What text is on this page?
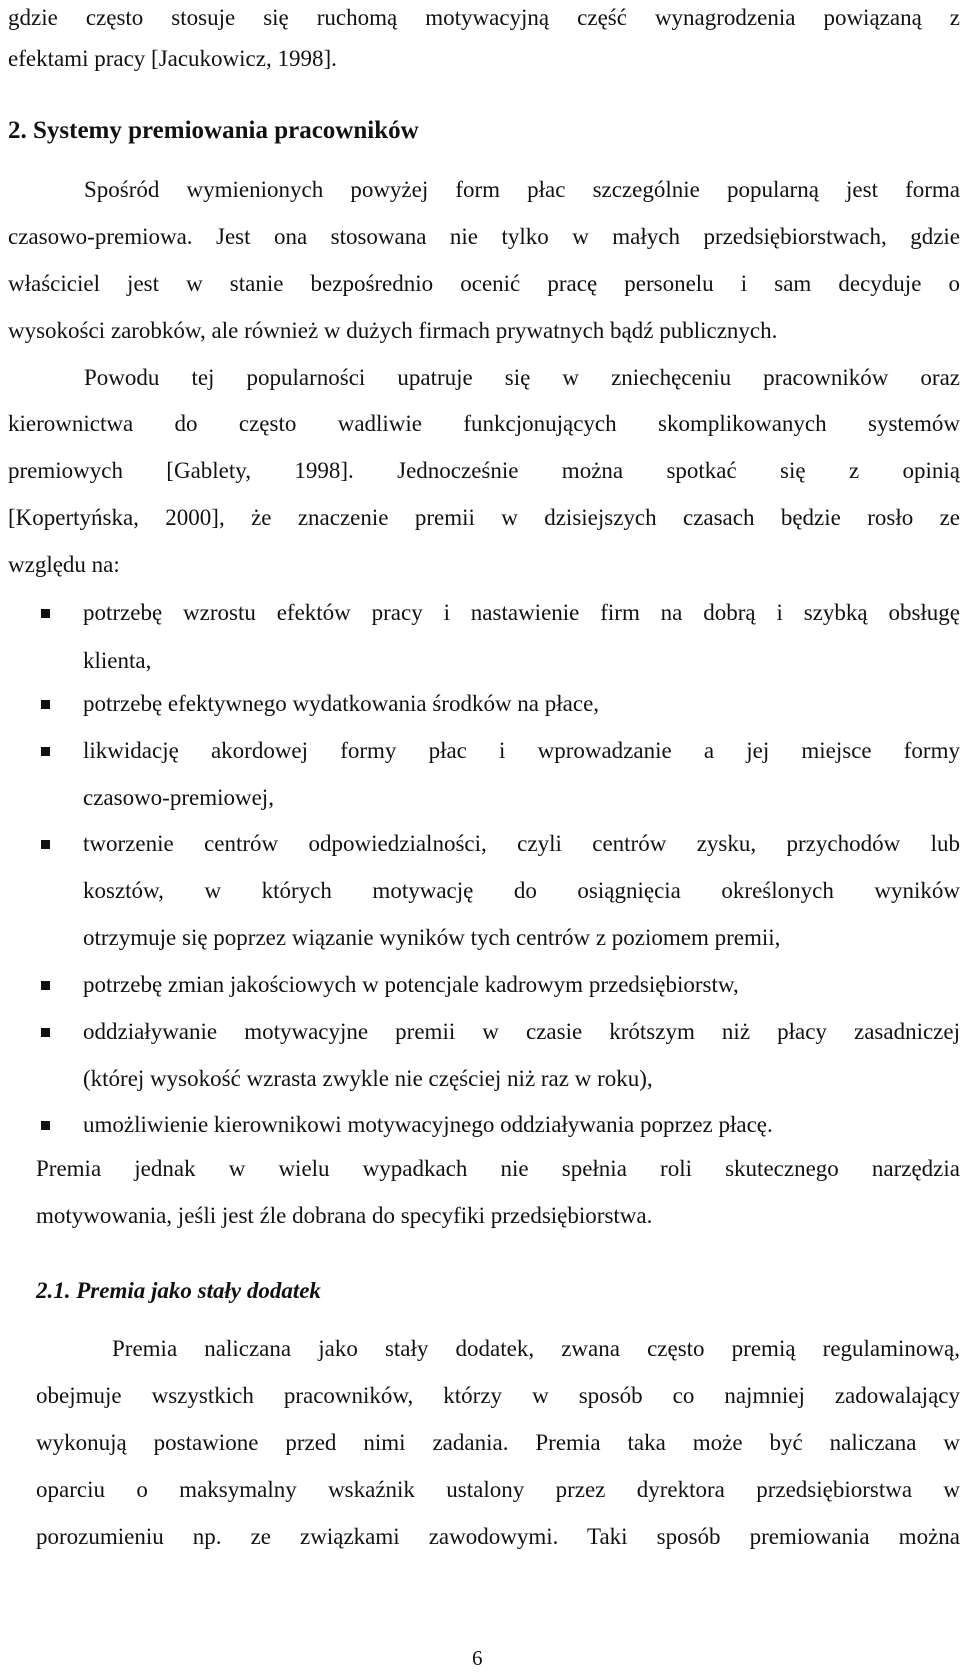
gdzie często stosuje się ruchomą motywacyjną część wynagrodzenia powiązaną z
efektami pracy [Jacukowicz, 1998].
2. Systemy premiowania pracowników
Spośród wymienionych powyżej form płac szczególnie popularną jest forma
czasowo-premiowa. Jest ona stosowana nie tylko w małych przedsiębiorstwach, gdzie
właściciel jest w stanie bezpośrednio ocenić pracę personelu i sam decyduje o
wysokości zarobków, ale również w dużych firmach prywatnych bądź publicznych.
Powodu tej popularności upatruje się w zniechęceniu pracowników oraz
kierownictwa do często wadliwie funkcjonujących skomplikowanych systemów
premiowych [Gablety, 1998]. Jednocześnie można spotkać się z opinią
[Kopertyńska, 2000], że znaczenie premii w dzisiejszych czasach będzie rosło ze
względu na:
potrzebę wzrostu efektów pracy i nastawienie firm na dobrą i szybką obsługę
klienta,
potrzebę efektywnego wydatkowania środków na płace,
likwidację akordowej formy płac i wprowadzanie a jej miejsce formy
czasowo-premiowej,
tworzenie centrów odpowiedzialności, czyli centrów zysku, przychodów lub
kosztów, w których motywację do osiągnięcia określonych wyników
otrzymuje się poprzez wiązanie wyników tych centrów z poziomem premii,
potrzebę zmian jakościowych w potencjale kadrowym przedsiębiorstw,
oddziaływanie motywacyjne premii w czasie krótszym niż płacy zasadniczej
(której wysokość wzrasta zwykle nie częściej niż raz w roku),
umożliwienie kierownikowi motywacyjnego oddziaływania poprzez płacę.
Premia jednak w wielu wypadkach nie spełnia roli skutecznego narzędzia
motywowania, jeśli jest źle dobrana do specyfiki przedsiębiorstwa.
2.1. Premia jako stały dodatek
Premia naliczana jako stały dodatek, zwana często premią regulaminową,
obejmuje wszystkich pracowników, którzy w sposób co najmniej zadowalający
wykonują postawione przed nimi zadania. Premia taka może być naliczana w
oparciu o maksymalny wskaźnik ustalony przez dyrektora przedsiębiorstwa w
porozumieniu np. ze związkami zawodowymi. Taki sposób premiowania można
6
